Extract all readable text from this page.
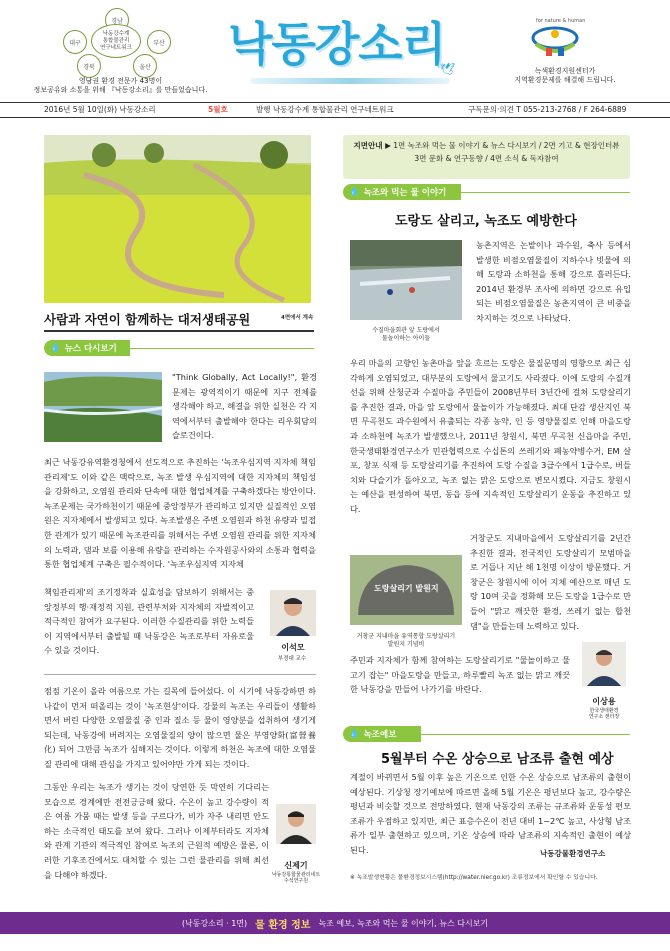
경남
대구	부산
경북	울산
낙동강수계
통합물관리
연구네트워크
영남권 환경 전문가 43명이
정보공유와 소통을 위해 『낙동강소리』를 만들었습니다.
낙동강소리
🕊
for nature & human
녹색환경지원센터가
지역환경문제를 해결해 드립니다.
2016년 5월 10일(화) 낙동강소리	5월호	발행 낙동강수계 통합물관리 연구네트워크	구독문의·의견 T 055-213-2768 / F 264-6889
사람과 자연이 함께하는 대저생태공원	4면에서 계속
💧 뉴스 다시보기

"Think Globally, Act Locally!", 환경문제는 광역적이기 때문에 지구 전체를 생각해야 하고, 해결을 위한 실천은 각 지역에서부터 출발해야 한다는 리우회담의 슬로건이다.

최근 낙동강유역환경청에서 선도적으로 추진하는 '녹조우심지역 지자체 책임관리제'도 이와 같은 맥락으로, 녹조 발생 우심지역에 대한 지자체의 책임성을 강화하고, 오염원 관리와 단속에 대한 협업체계를 구축하겠다는 방안이다. 녹조문제는 국가하천이기 때문에 중앙정부가 관리하고 있지만 실질적인 오염원은 지자체에서 발생되고 있다. 녹조발생은 주변 오염원과 하천 유량과 밀접한 관계가 있기 때문에 녹조관리를 위해서는 주변 오염원 관리를 위한 지자체의 노력과, 댐과 보를 이용해 유량을 관리하는 수자원공사와의 소통과 협력을 통한 협업체계 구축은 필수적이다. '녹조우심지역 지자체

책임관리제'의 조기정착과 실효성을 담보하기 위해서는 중앙정부의 행·재정적 지원, 관련부처와 지자체의 자발적이고 적극적인 참여가 요구된다. 이러한 수질관리를 위한 노력들이 지역에서부터 출발될 때 낙동강은 녹조로부터 자유로울 수 있을 것이다.	이석모
부경대 교수

점점 기온이 올라 여름으로 가는 길목에 들어섰다. 이 시기에 낙동강하면 하나같이 먼저 떠올리는 것이 '녹조현상'이다. 강물의 녹조는 우리들이 생활하면서 버린 다양한 오염물질 중 인과 질소 등 물이 영양분을 섭취하여 생기게 되는데, 낙동강에 버려지는 오염물질의 양이 많으면 물은 부영양화(富營養化) 되어 그만큼 녹조가 심해지는 것이다. 이렇게 하천은 녹조에 대한 오염물질 관리에 대해 관심을 가지고 있어야만 가게 되는 것이다.

그동안 우리는 녹조가 생기는 것이 당연한 듯 막연히 기다리는 모습으로 경계에만 전전긍긍해 왔다. 수온이 높고 강수량이 적은 여름 가뭄 때는 발생 등을 구르다가, 비가 자주 내리면 안도하는 소극적인 태도를 보여 왔다. 그러나 이제부터라도 지자체와 관계 기관의 적극적인 참여로 녹조의 근원적 예방은 물론, 이러한 기후조건에서도 대처할 수 있는 그런 물관리를 위해 최선을 다해야 하겠다.

신제기
낙동강통합물관리네트
수석연구원
지면안내 ▶ 1면 녹조와 먹는 물 이야기 & 뉴스 다시보기 / 2면 기고 & 현장인터뷰
3면 문화 & 연구동향 / 4면 소식 & 독자참여
💧 녹조와 먹는 물 이야기
도랑도 살리고, 녹조도 예방한다
수질마을회관 앞 도랑에서
물놀이하는 아이들

농촌지역은 논밭이나 과수원, 축사 등에서 발생한 비점오염물질이 지하수나 빗물에 의해 도랑과 소하천을 통해 강으로 흘러든다. 2014년 환경부 조사에 의하면 강으로 유입되는 비점오염물질은 농촌지역이 큰 비중을 차지하는 것으로 나타났다.

우리 마을의 고향인 농촌마을 앞을 흐르는 도랑은 물질문명의 영향으로 최근 심각하게 오염되었고, 대부분의 도랑에서 물고기도 사라졌다. 이에 도랑의 수질개선을 위해 산청군과 수질마을 주민들이 2008년부터 3년간에 걸쳐 도랑살리기를 추진한 결과, 마을 앞 도랑에서 물놀이가 가능해졌다. 최대 단감 생산지인 북면 무곡천도 과수원에서 유출되는 각종 농약, 인 등 영양물질로 인해 마을도랑과 소하천에 녹조가 발생했으나, 2011년 창원시, 북면 무곡천 신읍마을 주민, 한국생태환경연구소가 민관협력으로 수십톤의 쓰레기와 폐농약병수거, EM 살포, 창포 식재 등 도랑살리기를 추진하여 도랑 수질을 3급수에서 1급수로, 버들치와 다슬기가 돌아오고, 녹조 없는 맑은 도랑으로 변모시켰다. 지금도 창원시는 예산을 편성하여 북면, 동읍 등에 지속적인 도랑살리기 운동을 추진하고 있다.

도랑살리기 발원지
거창군 지내마을 유역통합 도랑살리기
발원지 기념비

거창군도 지내마을에서 도랑살리기를 2년간 추진한 결과, 전국적인 도랑살리기 모범마을로 거듭나 지난 해 1천명 이상이 방문했다. 거창군은 창원시에 이어 지체 예산으로 매년 도랑 10여 곳을 정화해 모든 도랑을 1급수로 만들어 "맑고 깨끗한 환경, 쓰레기 없는 합천댐"을 만들는데 노력하고 있다.

주민과 지자체가 함께 참여하는 도랑살리기로 "물놀이하고 물고기 잡는" 마을도랑을 만들고, 하루빨리 녹조 없는 맑고 깨끗한 낙동강을 만들어 나가기를 바란다.

이상용
한국생태환경
연구소 센터장
💧 녹조예보
5월부터 수온 상승으로 남조류 출현 예상

계절이 바뀌면서 5월 이후 높은 기온으로 인한 수온 상승으로 남조류의 출현이 예상된다. 기상청 장기예보에 따르면 올해 5월 기온은 평년보다 높고, 강수량은 평년과 비슷할 것으로 전망하였다. 현재 낙동강의 조류는 규조류와 운동성 편모조류가 우점하고 있지만, 최근 표층수온이 전년 대비 1~2℃ 높고, 사상형 남조류가 일부 출현하고 있으며, 기온 상승에 따라 남조류의 지속적인 출현이 예상된다.	낙동강물환경연구소
※ 녹조발생현황은 물환경정보시스템(http://water.nier.go.kr) 조류정보에서 확인할 수 있습니다.
(낙동강소리 · 1면) 물 환경 정보 녹조 예보, 녹조와 먹는 물 이야기, 뉴스 다시보기
